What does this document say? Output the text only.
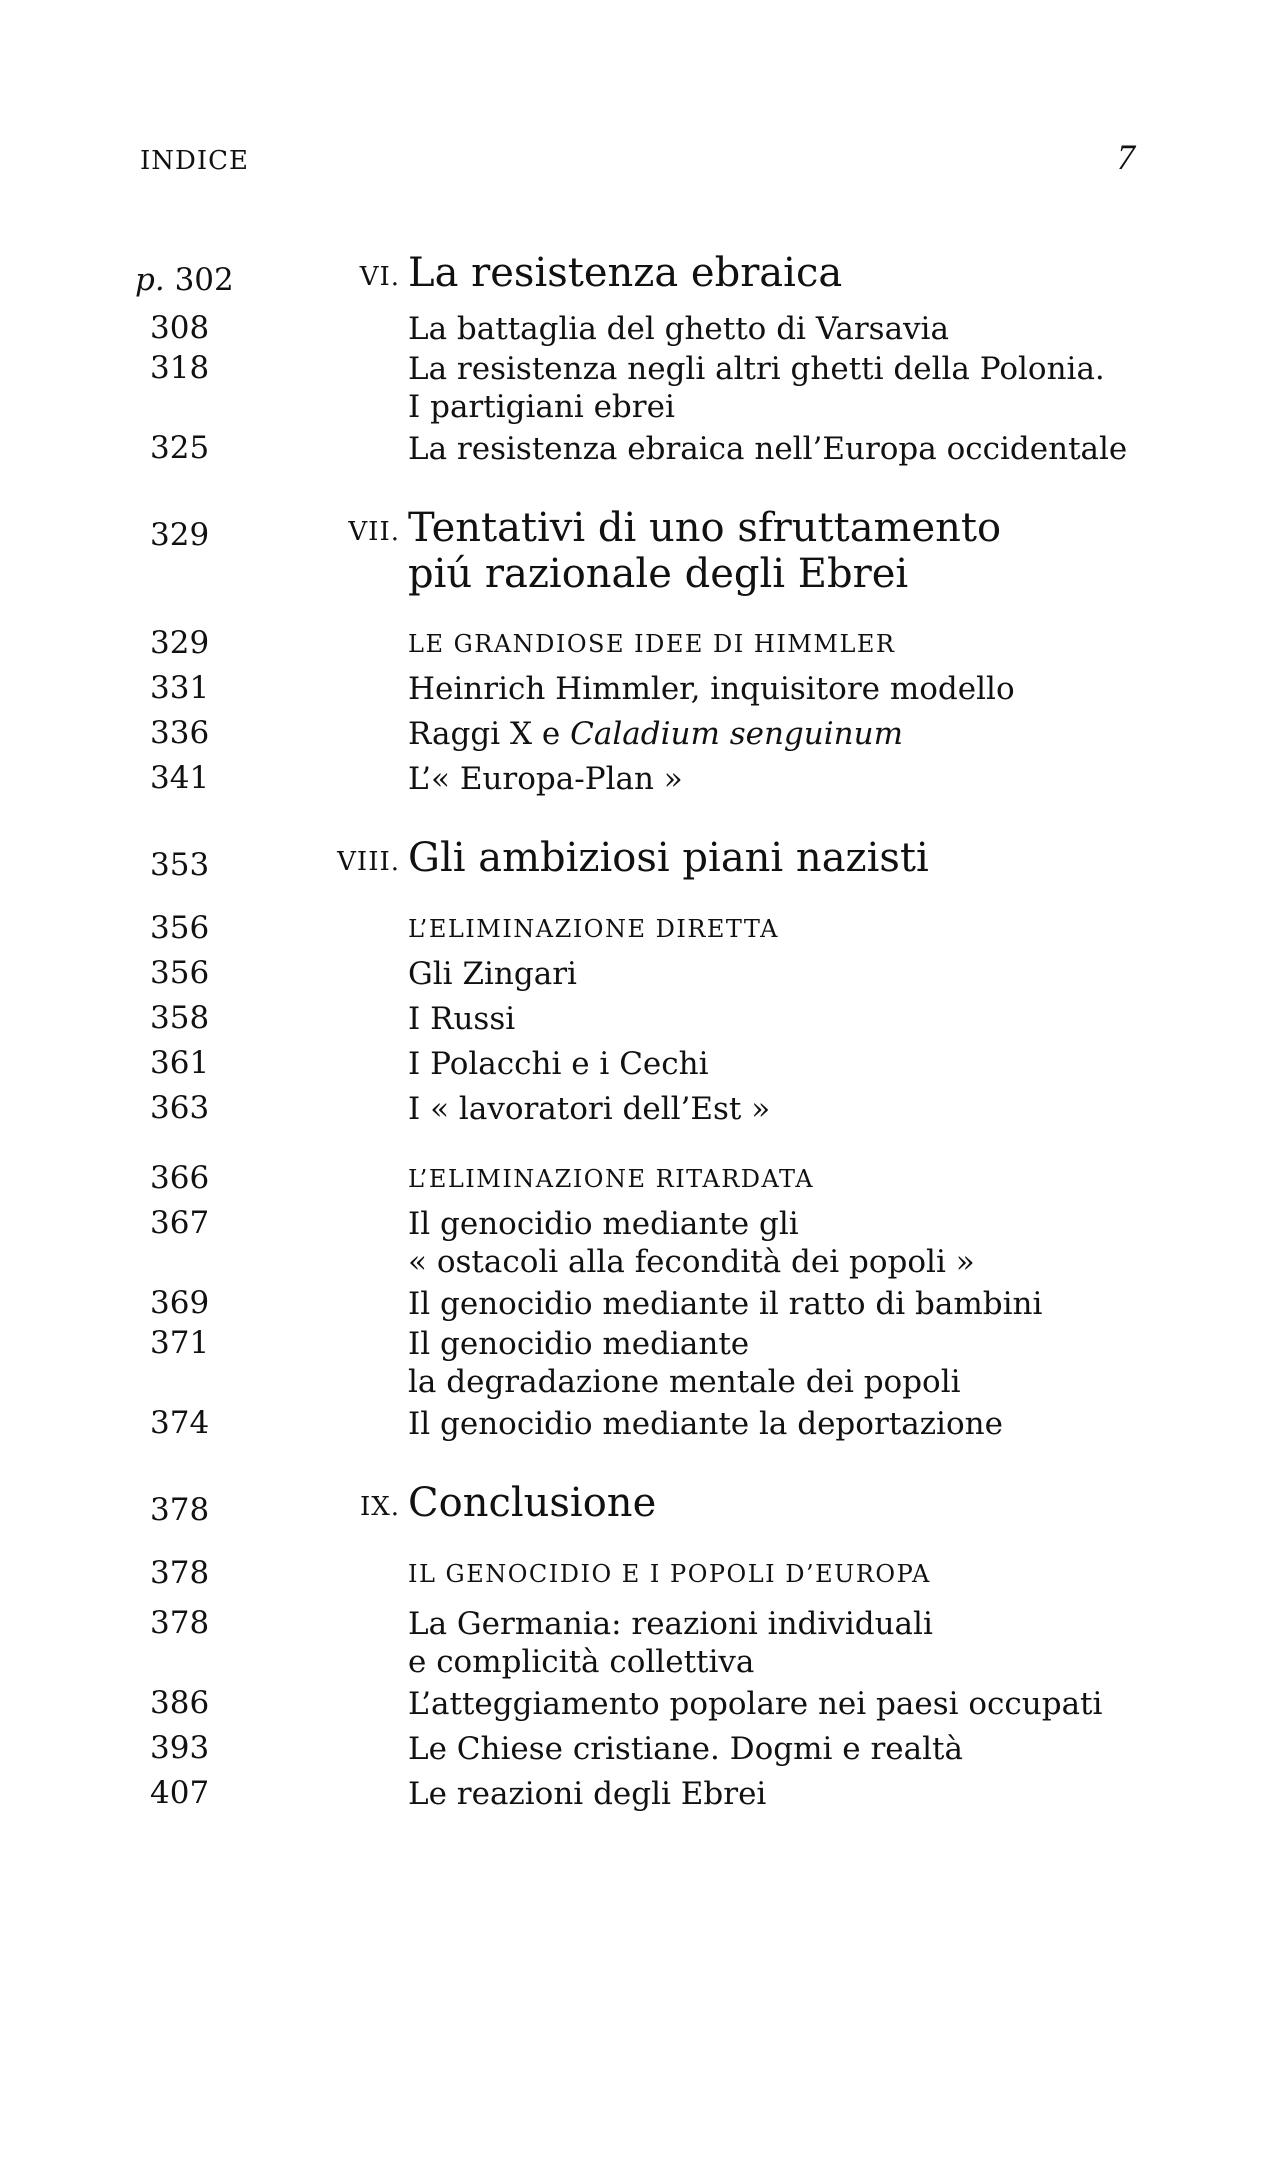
INDICE	7
p. 302	VI. La resistenza ebraica
308	La battaglia del ghetto di Varsavia
318	La resistenza negli altri ghetti della Polonia.
I partigiani ebrei
325	La resistenza ebraica nell’Europa occidentale
329	VII. Tentativi di uno sfruttamento
piú razionale degli Ebrei
329	LE GRANDIOSE IDEE DI HIMMLER
331	Heinrich Himmler, inquisitore modello
336	Raggi X e Caladium senguinum
341	L’« Europa-Plan »
353	VIII. Gli ambiziosi piani nazisti
356	L’ELIMINAZIONE DIRETTA
356	Gli Zingari
358	I Russi
361	I Polacchi e i Cechi
363	I « lavoratori dell’Est »
366	L’ELIMINAZIONE RITARDATA
367	Il genocidio mediante gli
« ostacoli alla fecondità dei popoli »
369	Il genocidio mediante il ratto di bambini
371	Il genocidio mediante
la degradazione mentale dei popoli
374	Il genocidio mediante la deportazione
378	IX. Conclusione
378	IL GENOCIDIO E I POPOLI D’EUROPA
378	La Germania: reazioni individuali
e complicità collettiva
386	L’atteggiamento popolare nei paesi occupati
393	Le Chiese cristiane. Dogmi e realtà
407	Le reazioni degli Ebrei
